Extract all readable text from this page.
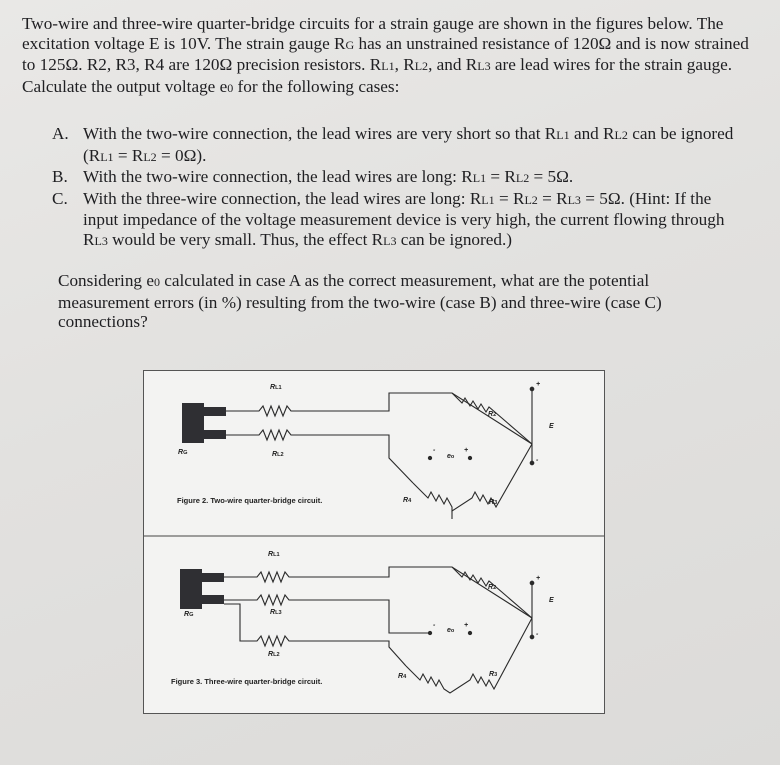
Two-wire and three-wire quarter-bridge circuits for a strain gauge are shown in the figures below. The excitation voltage E is 10V. The strain gauge RG has an unstrained resistance of 120Ω and is now strained to 125Ω. R2, R3, R4 are 120Ω precision resistors. RL1, RL2, and RL3 are lead wires for the strain gauge. Calculate the output voltage e0 for the following cases:

A. With the two-wire connection, the lead wires are very short so that RL1 and RL2 can be ignored (RL1 = RL2 = 0Ω).
B. With the two-wire connection, the lead wires are long: RL1 = RL2 = 5Ω.
C. With the three-wire connection, the lead wires are long: RL1 = RL2 = RL3 = 5Ω. (Hint: If the input impedance of the voltage measurement device is very high, the current flowing through RL3 would be very small. Thus, the effect RL3 can be ignored.)

Considering e0 calculated in case A as the correct measurement, what are the potential measurement errors (in %) resulting from the two-wire (case B) and three-wire (case C) connections?

RL1
RL2
RG
R2
R3
R4
eo
E
+
-
-	+
Figure 2. Two-wire quarter-bridge circuit.
RL1
RL3
RL2
RG
R2
R3
R4
eo
E
+
-
-	+
Figure 3. Three-wire quarter-bridge circuit.
